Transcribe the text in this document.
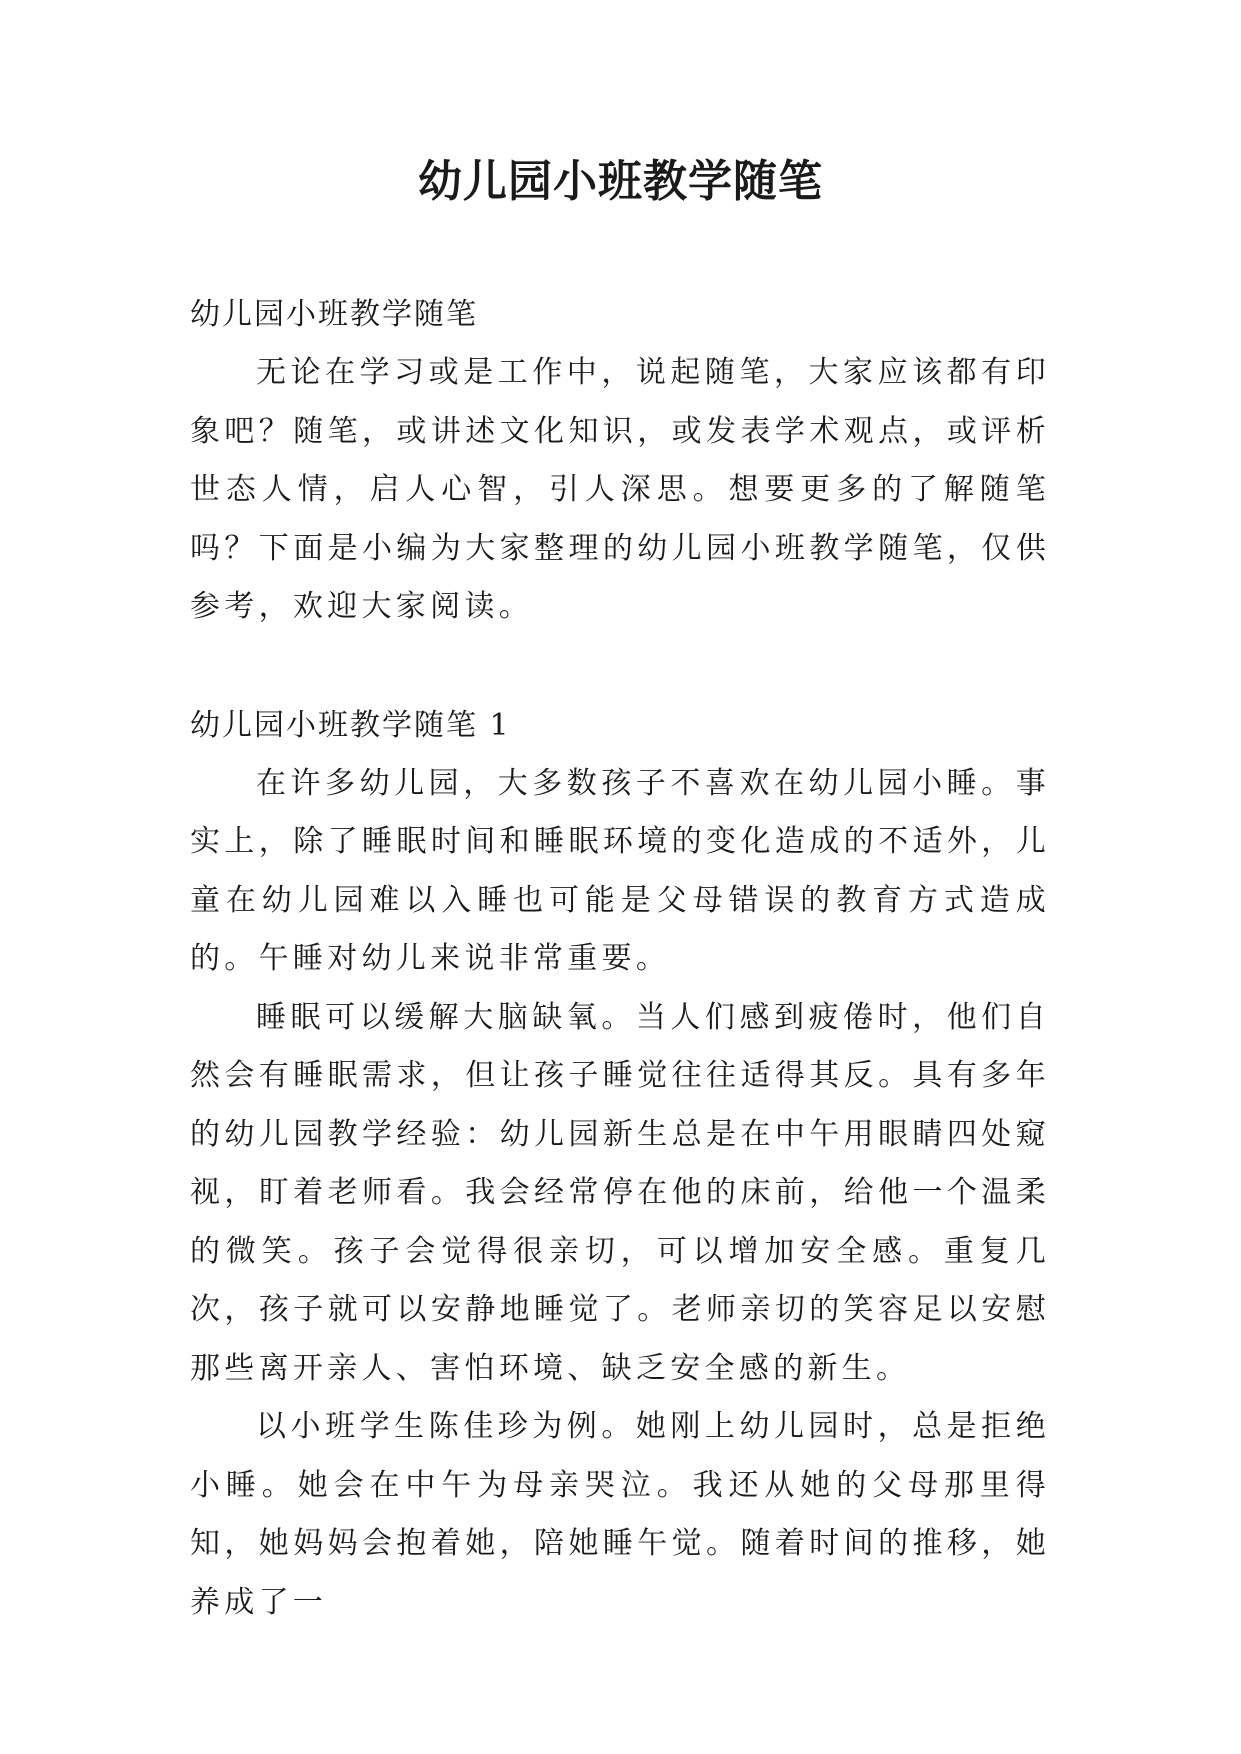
幼儿园小班教学随笔

幼儿园小班教学随笔

无论在学习或是工作中，说起随笔，大家应该都有印象吧？随笔，或讲述文化知识，或发表学术观点，或评析世态人情，启人心智，引人深思。想要更多的了解随笔吗？下面是小编为大家整理的幼儿园小班教学随笔，仅供参考，欢迎大家阅读。

幼儿园小班教学随笔 1

在许多幼儿园，大多数孩子不喜欢在幼儿园小睡。事实上，除了睡眠时间和睡眠环境的变化造成的不适外，儿童在幼儿园难以入睡也可能是父母错误的教育方式造成的。午睡对幼儿来说非常重要。

睡眠可以缓解大脑缺氧。当人们感到疲倦时，他们自然会有睡眠需求，但让孩子睡觉往往适得其反。具有多年的幼儿园教学经验：幼儿园新生总是在中午用眼睛四处窥视，盯着老师看。我会经常停在他的床前，给他一个温柔的微笑。孩子会觉得很亲切，可以增加安全感。重复几次，孩子就可以安静地睡觉了。老师亲切的笑容足以安慰那些离开亲人、害怕环境、缺乏安全感的新生。

以小班学生陈佳珍为例。她刚上幼儿园时，总是拒绝小睡。她会在中午为母亲哭泣。我还从她的父母那里得知，她妈妈会抱着她，陪她睡午觉。随着时间的推移，她养成了一
